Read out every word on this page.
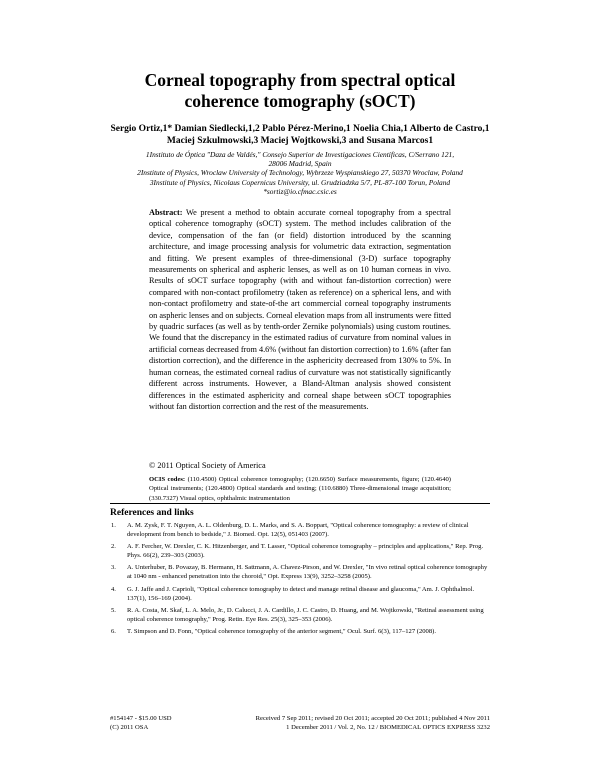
Corneal topography from spectral optical
coherence tomography (sOCT)
Sergio Ortiz,1* Damian Siedlecki,1,2 Pablo Pérez-Merino,1 Noelia Chia,1 Alberto de Castro,1 Maciej Szkulmowski,3 Maciej Wojtkowski,3 and Susana Marcos1
1Instituto de Óptica "Daza de Valdés," Consejo Superior de Investigaciones Científicas, C/Serrano 121,
28006 Madrid, Spain
2Institute of Physics, Wroclaw University of Technology, Wybrzeze Wyspianskiego 27, 50370 Wroclaw, Poland
3Institute of Physics, Nicolaus Copernicus University, ul. Grudziadzka 5/7, PL-87-100 Torun, Poland
*sortiz@io.cfmac.csic.es
Abstract: We present a method to obtain accurate corneal topography from a spectral optical coherence tomography (sOCT) system. The method includes calibration of the device, compensation of the fan (or field) distortion introduced by the scanning architecture, and image processing analysis for volumetric data extraction, segmentation and fitting. We present examples of three-dimensional (3-D) surface topography measurements on spherical and aspheric lenses, as well as on 10 human corneas in vivo. Results of sOCT surface topography (with and without fan-distortion correction) were compared with non-contact profilometry (taken as reference) on a spherical lens, and with non-contact profilometry and state-of-the art commercial corneal topography instruments on aspheric lenses and on subjects. Corneal elevation maps from all instruments were fitted by quadric surfaces (as well as by tenth-order Zernike polynomials) using custom routines. We found that the discrepancy in the estimated radius of curvature from nominal values in artificial corneas decreased from 4.6% (without fan distortion correction) to 1.6% (after fan distortion correction), and the difference in the asphericity decreased from 130% to 5%. In human corneas, the estimated corneal radius of curvature was not statistically significantly different across instruments. However, a Bland-Altman analysis showed consistent differences in the estimated asphericity and corneal shape between sOCT topographies without fan distortion correction and the rest of the measurements.
© 2011 Optical Society of America
OCIS codes: (110.4500) Optical coherence tomography; (120.6650) Surface measurements, figure; (120.4640) Optical instruments; (120.4800) Optical standards and testing; (110.6880) Three-dimensional image acquisition; (330.7327) Visual optics, ophthalmic instrumentation
References and links
1. A. M. Zysk, F. T. Nguyen, A. L. Oldenburg, D. L. Marks, and S. A. Boppart, "Optical coherence tomography: a review of clinical development from bench to bedside," J. Biomed. Opt. 12(5), 051403 (2007).
2. A. F. Fercher, W. Drexler, C. K. Hitzenberger, and T. Lasser, "Optical coherence tomography – principles and applications," Rep. Prog. Phys. 66(2), 239–303 (2003).
3. A. Unterhuber, B. Povazay, B. Hermann, H. Sattmann, A. Chavez-Pirson, and W. Drexler, "In vivo retinal optical coherence tomography at 1040 nm - enhanced penetration into the choroid," Opt. Express 13(9), 3252–3258 (2005).
4. G. J. Jaffe and J. Caprioli, "Optical coherence tomography to detect and manage retinal disease and glaucoma," Am. J. Ophthalmol. 137(1), 156–169 (2004).
5. R. A. Costa, M. Skaf, L. A. Melo, Jr., D. Calucci, J. A. Cardillo, J. C. Castro, D. Huang, and M. Wojtkowski, "Retinal assessment using optical coherence tomography," Prog. Retin. Eye Res. 25(3), 325–353 (2006).
6. T. Simpson and D. Fonn, "Optical coherence tomography of the anterior segment," Ocul. Surf. 6(3), 117–127 (2008).
#154147 - $15.00 USD
(C) 2011 OSA
Received 7 Sep 2011; revised 20 Oct 2011; accepted 20 Oct 2011; published 4 Nov 2011
1 December 2011 / Vol. 2, No. 12 / BIOMEDICAL OPTICS EXPRESS 3232
